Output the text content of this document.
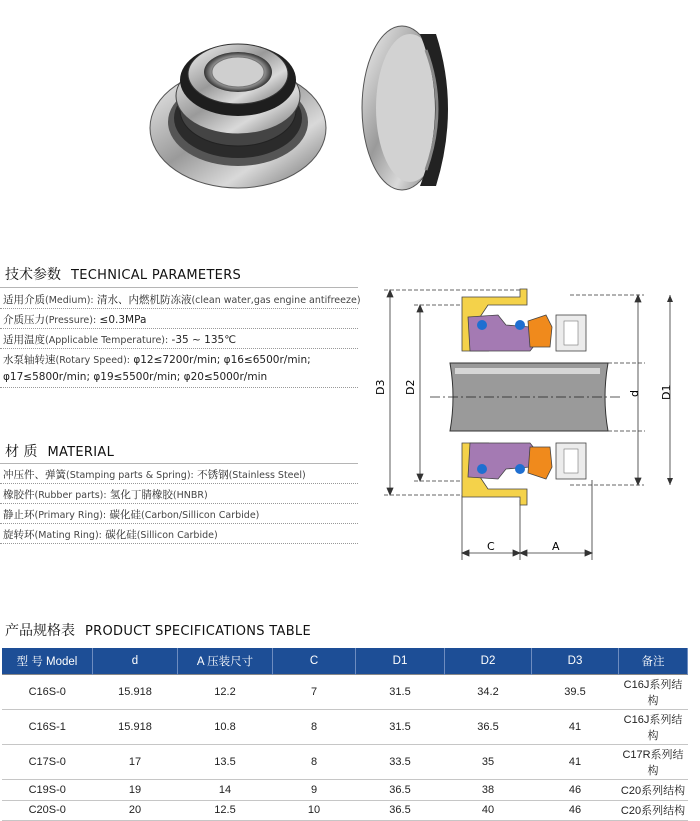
技术参数 TECHNICAL PARAMETERS
适用介质(Medium): 清水、内燃机防冻液(clean water,gas engine antifreeze)
介质压力(Pressure): ≤0.3MPa
适用温度(Applicable Temperature): -35 ~ 135℃
水泵轴转速(Rotary Speed): φ12≤7200r/min; φ16≤6500r/min;
φ17≤5800r/min; φ19≤5500r/min; φ20≤5000r/min
材 质 MATERIAL
冲压件、弹簧(Stamping parts & Spring): 不锈钢(Stainless Steel)
橡胶件(Rubber parts): 氢化丁腈橡胶(HNBR)
静止环(Primary Ring): 碳化硅(Carbon/Sillicon Carbide)
旋转环(Mating Ring): 碳化硅(Sillicon Carbide)
D3 D2	d D1
C	A
产品规格表 PRODUCT SPECIFICATIONS TABLE
型 号 Model	d	A 压装尺寸	C	D1	D2	D3	备注
C16S-0	15.918	12.2	7	31.5	34.2	39.5	C16J系列结构
C16S-1	15.918	10.8	8	31.5	36.5	41	C16J系列结构
C17S-0	17	13.5	8	33.5	35	41	C17R系列结构
C19S-0	19	14	9	36.5	38	46	C20系列结构
C20S-0	20	12.5	10	36.5	40	46	C20系列结构
